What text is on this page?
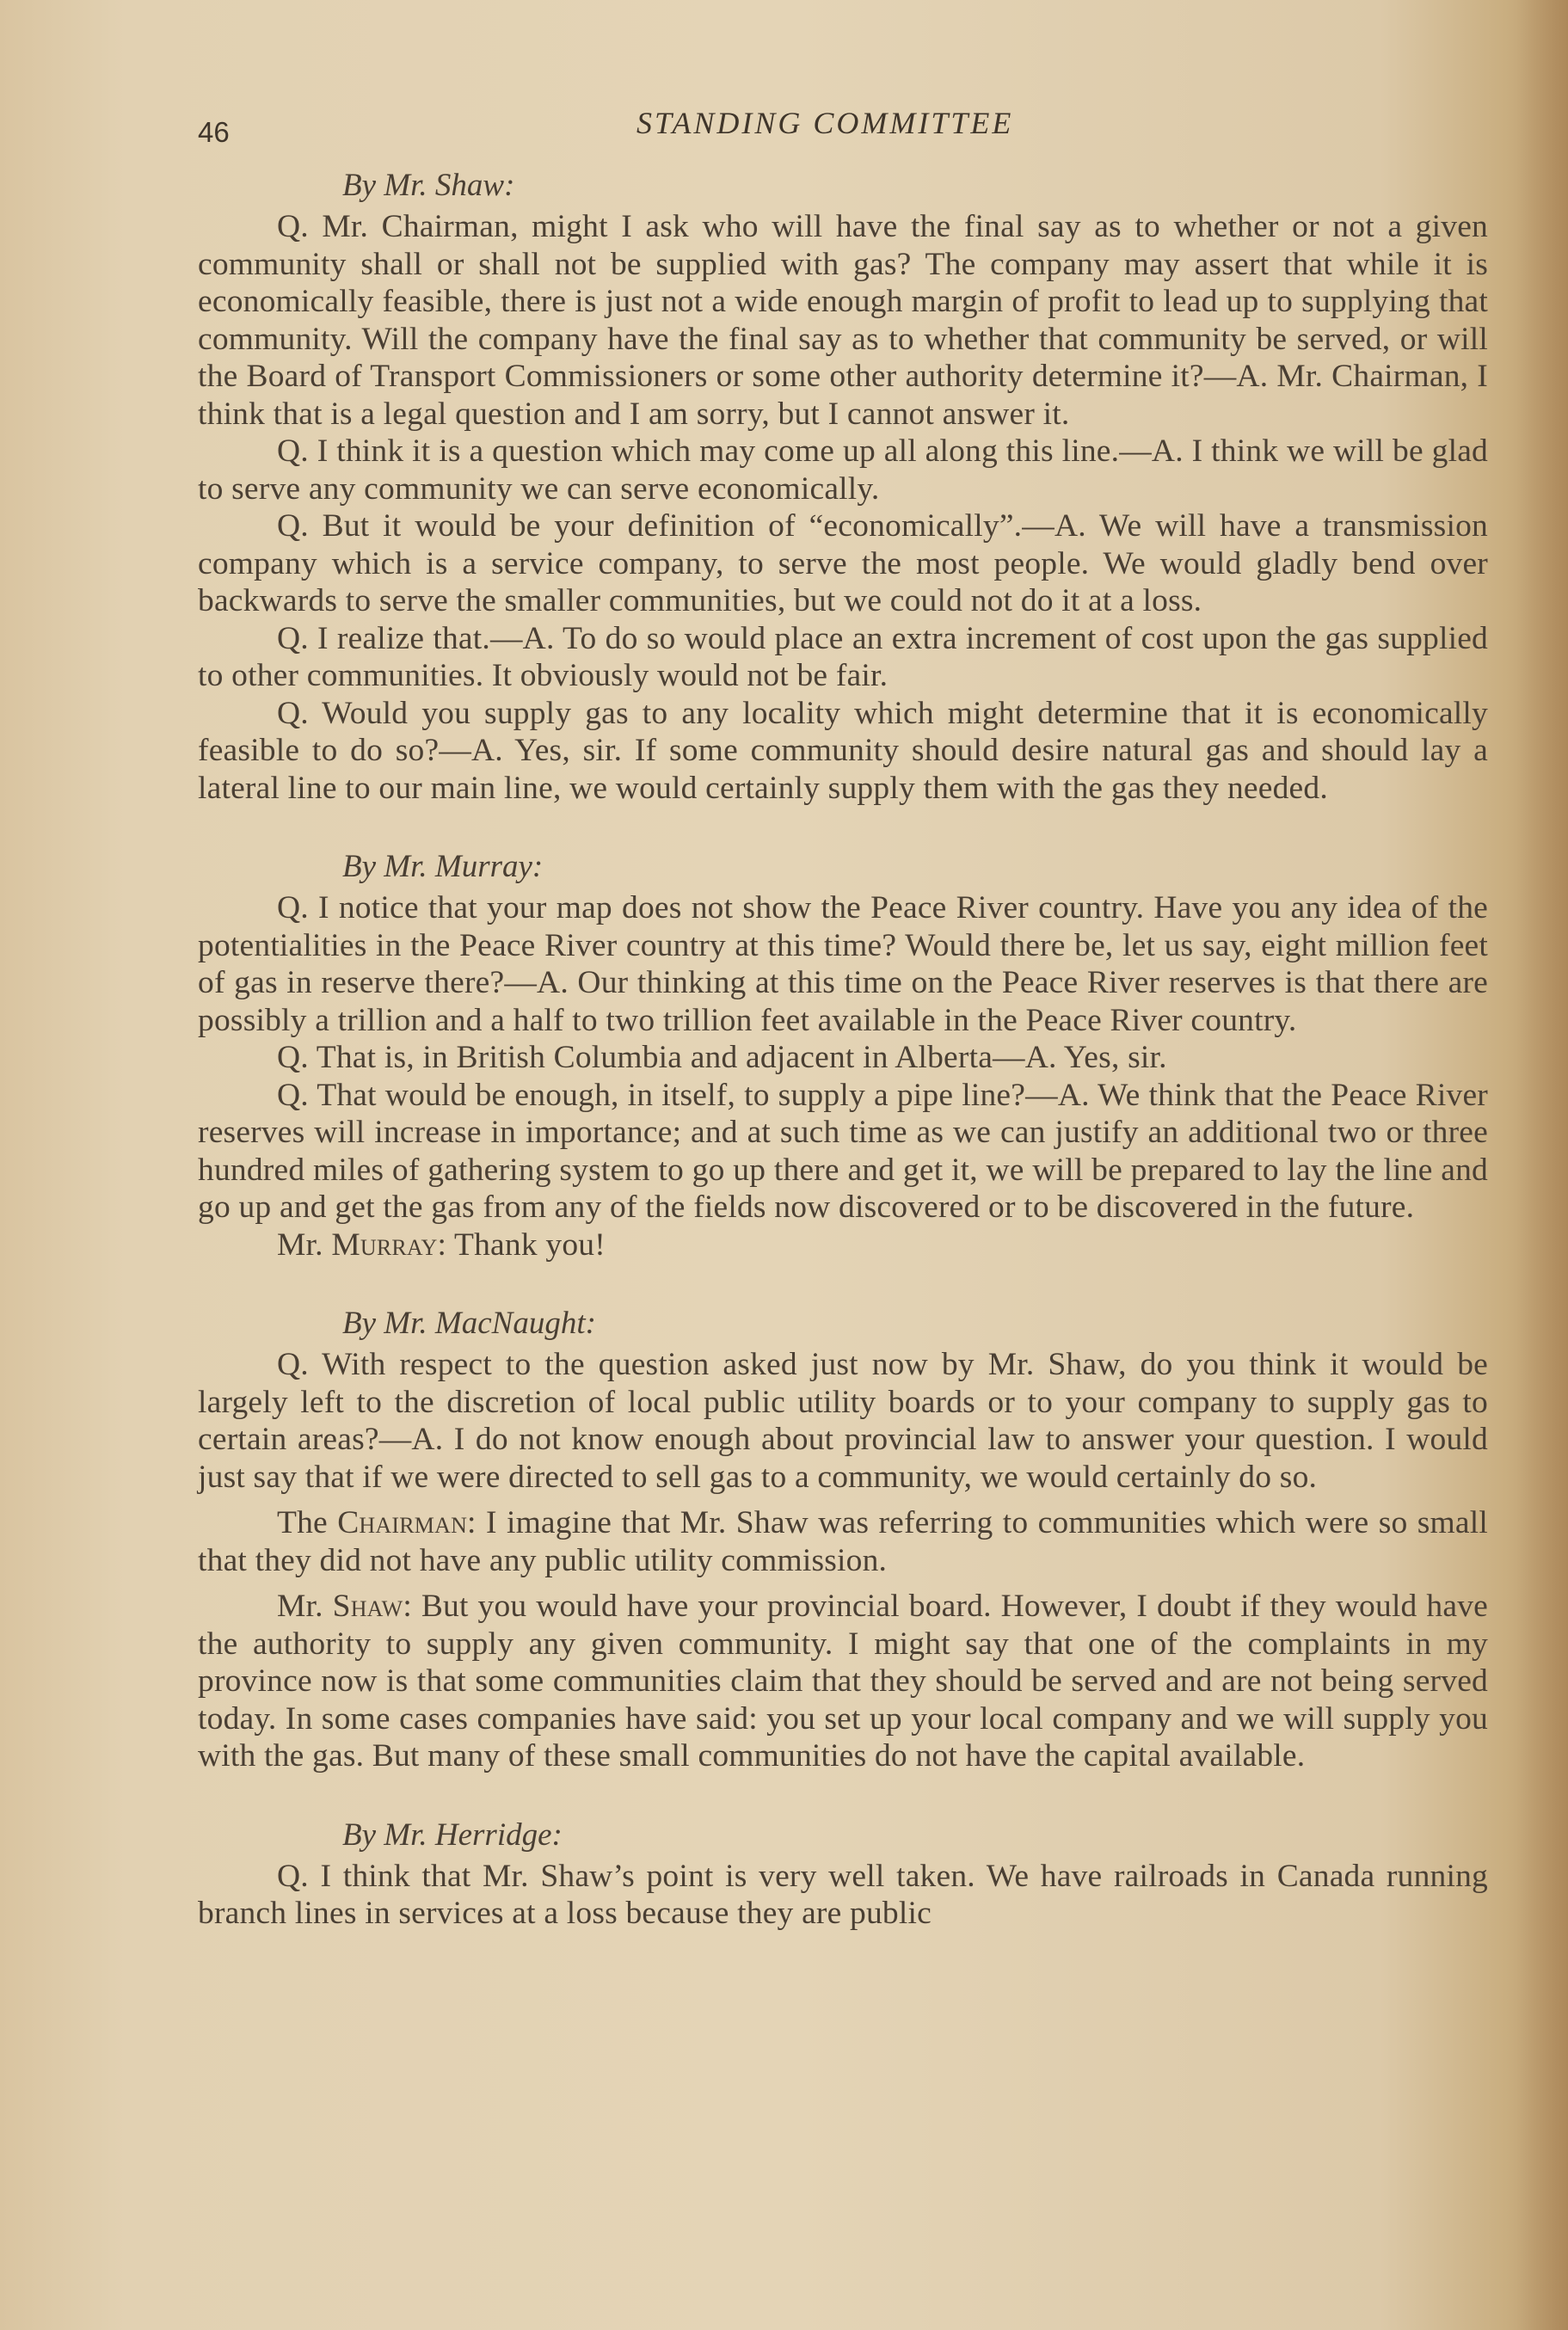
46	STANDING COMMITTEE

By Mr. Shaw:

Q. Mr. Chairman, might I ask who will have the final say as to whether or not a given community shall or shall not be supplied with gas? The company may assert that while it is economically feasible, there is just not a wide enough margin of profit to lead up to supplying that community. Will the company have the final say as to whether that community be served, or will the Board of Transport Commissioners or some other authority determine it?—A. Mr. Chairman, I think that is a legal question and I am sorry, but I cannot answer it.

Q. I think it is a question which may come up all along this line.—A. I think we will be glad to serve any community we can serve economically.

Q. But it would be your definition of “economically”.—A. We will have a transmission company which is a service company, to serve the most people. We would gladly bend over backwards to serve the smaller communities, but we could not do it at a loss.

Q. I realize that.—A. To do so would place an extra increment of cost upon the gas supplied to other communities. It obviously would not be fair.

Q. Would you supply gas to any locality which might determine that it is economically feasible to do so?—A. Yes, sir. If some community should desire natural gas and should lay a lateral line to our main line, we would certainly supply them with the gas they needed.

By Mr. Murray:

Q. I notice that your map does not show the Peace River country. Have you any idea of the potentialities in the Peace River country at this time? Would there be, let us say, eight million feet of gas in reserve there?—A. Our thinking at this time on the Peace River reserves is that there are possibly a trillion and a half to two trillion feet available in the Peace River country.

Q. That is, in British Columbia and adjacent in Alberta—A. Yes, sir.

Q. That would be enough, in itself, to supply a pipe line?—A. We think that the Peace River reserves will increase in importance; and at such time as we can justify an additional two or three hundred miles of gathering system to go up there and get it, we will be prepared to lay the line and go up and get the gas from any of the fields now discovered or to be discovered in the future.

Mr. Murray: Thank you!

By Mr. MacNaught:

Q. With respect to the question asked just now by Mr. Shaw, do you think it would be largely left to the discretion of local public utility boards or to your company to supply gas to certain areas?—A. I do not know enough about provincial law to answer your question. I would just say that if we were directed to sell gas to a community, we would certainly do so.

The Chairman: I imagine that Mr. Shaw was referring to communities which were so small that they did not have any public utility commission.

Mr. Shaw: But you would have your provincial board. However, I doubt if they would have the authority to supply any given community. I might say that one of the complaints in my province now is that some communities claim that they should be served and are not being served today. In some cases companies have said: you set up your local company and we will supply you with the gas. But many of these small communities do not have the capital available.

By Mr. Herridge:

Q. I think that Mr. Shaw’s point is very well taken. We have railroads in Canada running branch lines in services at a loss because they are public
